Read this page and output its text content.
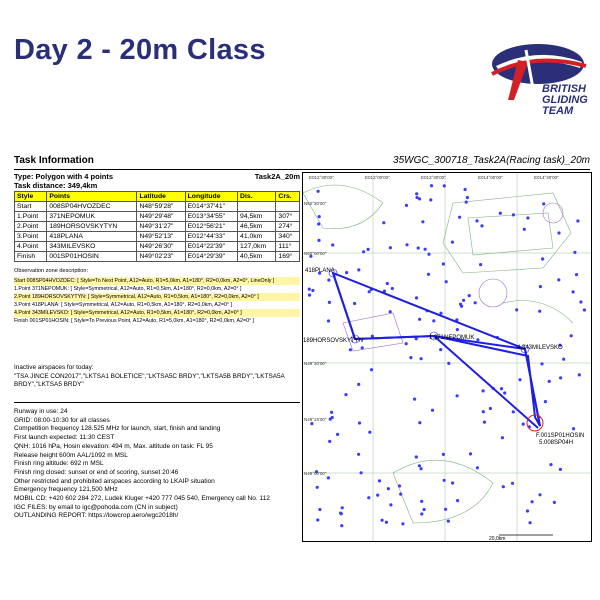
Day 2 - 20m Class
BRITISH
GLIDING
TEAM
Task Information	35WGC_300718_Task2A(Racing task)_20m
Type: Polygon with 4 points	Task2A_20m
Task distance: 349,4km
Style	Points	Latitude	Longitude	Dis.	Crs.
Start	008SP04HVOZDEC	N48°59'28"	E014°37'41"		
1.Point	371NEPOMUK	N49°29'48"	E013°34'55"	94,5km	307°
2.Point	189HORSOVSKYTYN	N49°31'27"	E012°56'21"	46,5km	274°
3.Point	418PLANA	N49°52'13"	E012°44'33"	41,0km	340°
4.Point	343MILEVSKO	N49°26'30"	E014°22'39"	127,0km	111°
Finish	001SP01HOSIN	N49°02'23"	E014°29'39"	40,5km	169°
Observation zone description:
Start 008SP04HVOZDEC: [ Style=To Next Point, A12=Auto, R1=5,0km, A1=180°, R2=0,0km, A2=0°, LineOnly ]
1.Point 371NEPOMUK: [ Style=Symmetrical, A12=Auto, R1=0,5km, A1=180°, R2=0,0km, A2=0° ]
2.Point 189HORSOVSKYTYN: [ Style=Symmetrical, A12=Auto, R1=0,5km, A1=180°, R2=0,0km, A2=0° ]
3.Point 418PLANA: [ Style=Symmetrical, A12=Auto, R1=0,5km, A1=180°, R2=0,0km, A2=0° ]
4.Point 343MILEVSKO: [ Style=Symmetrical, A12=Auto, R1=0,5km, A1=180°, R2=0,0km, A2=0° ]
Finish 001SP01HOSIN: [ Style=To Previous Point, A12=Auto, R1=5,0km, A1=180°, R2=0,0km, A2=0° ]
Inactive airspaces for today:
"TSA JINCE CON2017","LKTSA1 BOLETICE","LKTSA5C BRDY","LKTSA5B BRDY","LKTSA5A BRDY","LKTSA5 BRDY"
Runway in use: 24
GRID: 08:00-10:30 for all classes
Competition frequency 128.525 MHz for launch, start, finish and landing
First launch expected: 11:30 CEST
QNH: 1016 hPa, Hosin elevation: 494 m, Max. altitude on task: FL 95
Release height 600m AAL/1092 m MSL
Finish ring altitude: 692 m MSL
Finish ring closed: sunset or end of scoring, sunset 20:46
Other restricted and prohibited airspaces according to LKAIP situation
Emergency frequency 121,500 MHz
MOBIL CD: +420 602 284 272, Ludek Kluger +420 777 045 540, Emergency call No. 112
IGC FILES: by email to igc@pohoda.com (CN in subject)
OUTLANDING REPORT: https://lowcrop.aero/wgc2018h/
418PLANA
189HORSOVSKYTYN	1.371NEPOMUK
4.343MILEVSKO
F.001SP01HOSIN
5.008SP04H
E012°30'00"	E013°00'00"	E013°30'00"	E014°00'00"	E014°30'00"
N50°30'00"
N50°00'00"
N49°30'00"
N49°15'00"
N49°00'00"
20,0km
